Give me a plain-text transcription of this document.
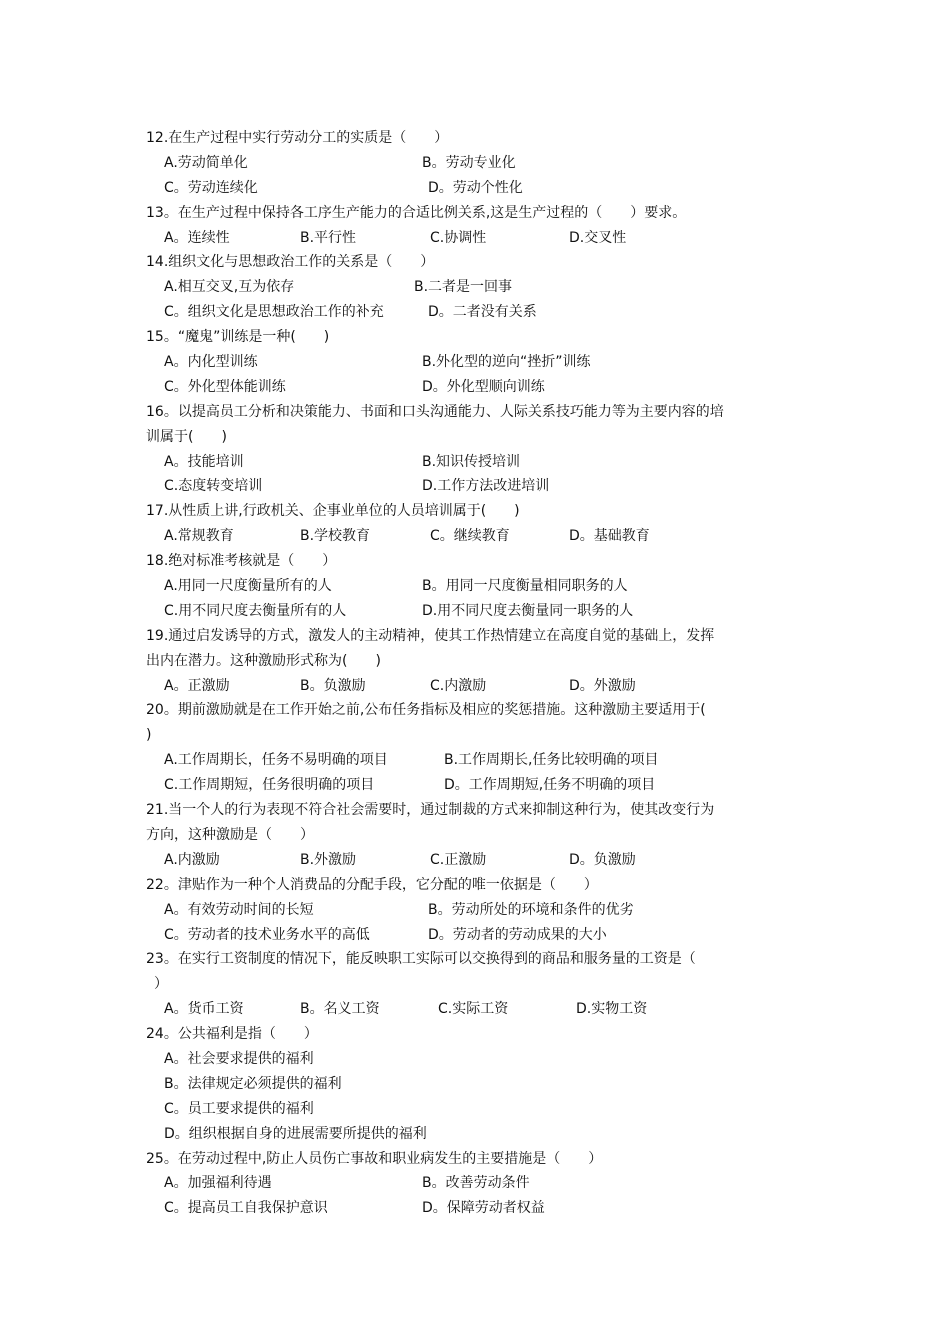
12.在生产过程中实行劳动分工的实质是（　　）
A.劳动简单化	B。劳动专业化
C。劳动连续化	D。劳动个性化
13。在生产过程中保持各工序生产能力的合适比例关系,这是生产过程的（　　）要求。
A。连续性	B.平行性	C.协调性	D.交叉性
14.组织文化与思想政治工作的关系是（　　）
A.相互交叉,互为依存	B.二者是一回事
C。组织文化是思想政治工作的补充	D。二者没有关系
15。“魔鬼”训练是一种(　　)
A。内化型训练	B.外化型的逆向“挫折”训练
C。外化型体能训练	D。外化型顺向训练
16。以提高员工分析和决策能力、书面和口头沟通能力、人际关系技巧能力等为主要内容的培
训属于(　　)
A。技能培训	B.知识传授培训
C.态度转变培训	D.工作方法改进培训
17.从性质上讲,行政机关、企事业单位的人员培训属于(　　)
A.常规教育	B.学校教育	C。继续教育	D。基础教育
18.绝对标准考核就是（　　）
A.用同一尺度衡量所有的人	B。用同一尺度衡量相同职务的人
C.用不同尺度去衡量所有的人	D.用不同尺度去衡量同一职务的人
19.通过启发诱导的方式，激发人的主动精神，使其工作热情建立在高度自觉的基础上，发挥
出内在潜力。这种激励形式称为(　　)
A。正激励	B。负激励	C.内激励	D。外激励
20。期前激励就是在工作开始之前,公布任务指标及相应的奖惩措施。这种激励主要适用于(
)
A.工作周期长，任务不易明确的项目	B.工作周期长,任务比较明确的项目
C.工作周期短，任务很明确的项目	D。工作周期短,任务不明确的项目
21.当一个人的行为表现不符合社会需要时，通过制裁的方式来抑制这种行为，使其改变行为
方向，这种激励是（　　）
A.内激励	B.外激励	C.正激励	D。负激励
22。津贴作为一种个人消费品的分配手段，它分配的唯一依据是（　　）
A。有效劳动时间的长短	B。劳动所处的环境和条件的优劣
C。劳动者的技术业务水平的高低	D。劳动者的劳动成果的大小
23。在实行工资制度的情况下，能反映职工实际可以交换得到的商品和服务量的工资是（
）
A。货币工资	B。名义工资	C.实际工资	D.实物工资
24。公共福利是指（　　）
A。社会要求提供的福利
B。法律规定必须提供的福利
C。员工要求提供的福利
D。组织根据自身的进展需要所提供的福利
25。在劳动过程中,防止人员伤亡事故和职业病发生的主要措施是（　　）
A。加强福利待遇	B。改善劳动条件
C。提高员工自我保护意识	D。保障劳动者权益
